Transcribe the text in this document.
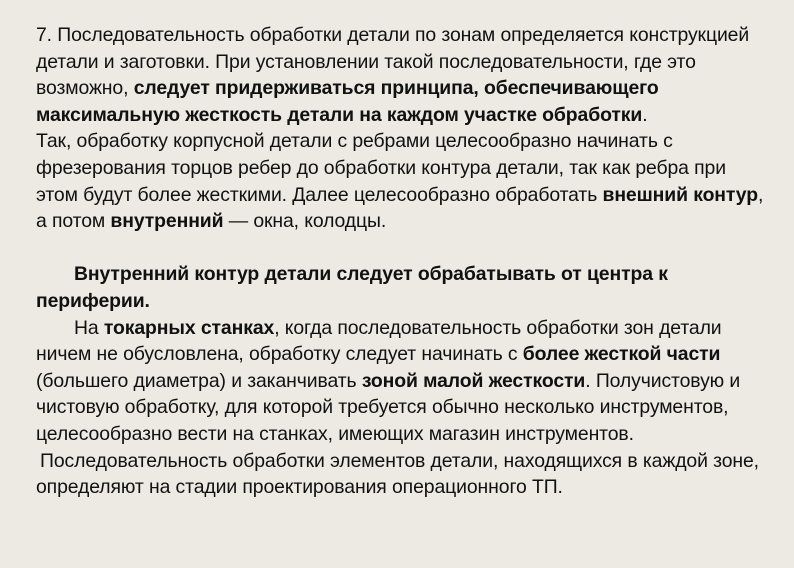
7. Последовательность обработки детали по зонам определяется конструкцией детали и заготовки. При установлении такой последовательности, где это возможно, следует придерживаться принципа, обеспечивающего максимальную жесткость детали на каждом участке обработки.

Так, обработку корпусной детали с ребрами целесообразно начинать с фрезерования торцов ребер до обработки контура детали, так как ребра при этом будут более жесткими. Далее целесообразно обработать внешний контур, а потом внутренний — окна, колодцы.

Внутренний контур детали следует обрабатывать от центра к периферии.

На токарных станках, когда последовательность обработки зон детали ничем не обусловлена, обработку следует начинать с более жесткой части (большего диаметра) и заканчивать зоной малой жесткости. Получистовую и чистовую обработку, для которой требуется обычно несколько инструментов, целесообразно вести на станках, имеющих магазин инструментов.

Последовательность обработки элементов детали, находящихся в каждой зоне, определяют на стадии проектирования операционного ТП.
